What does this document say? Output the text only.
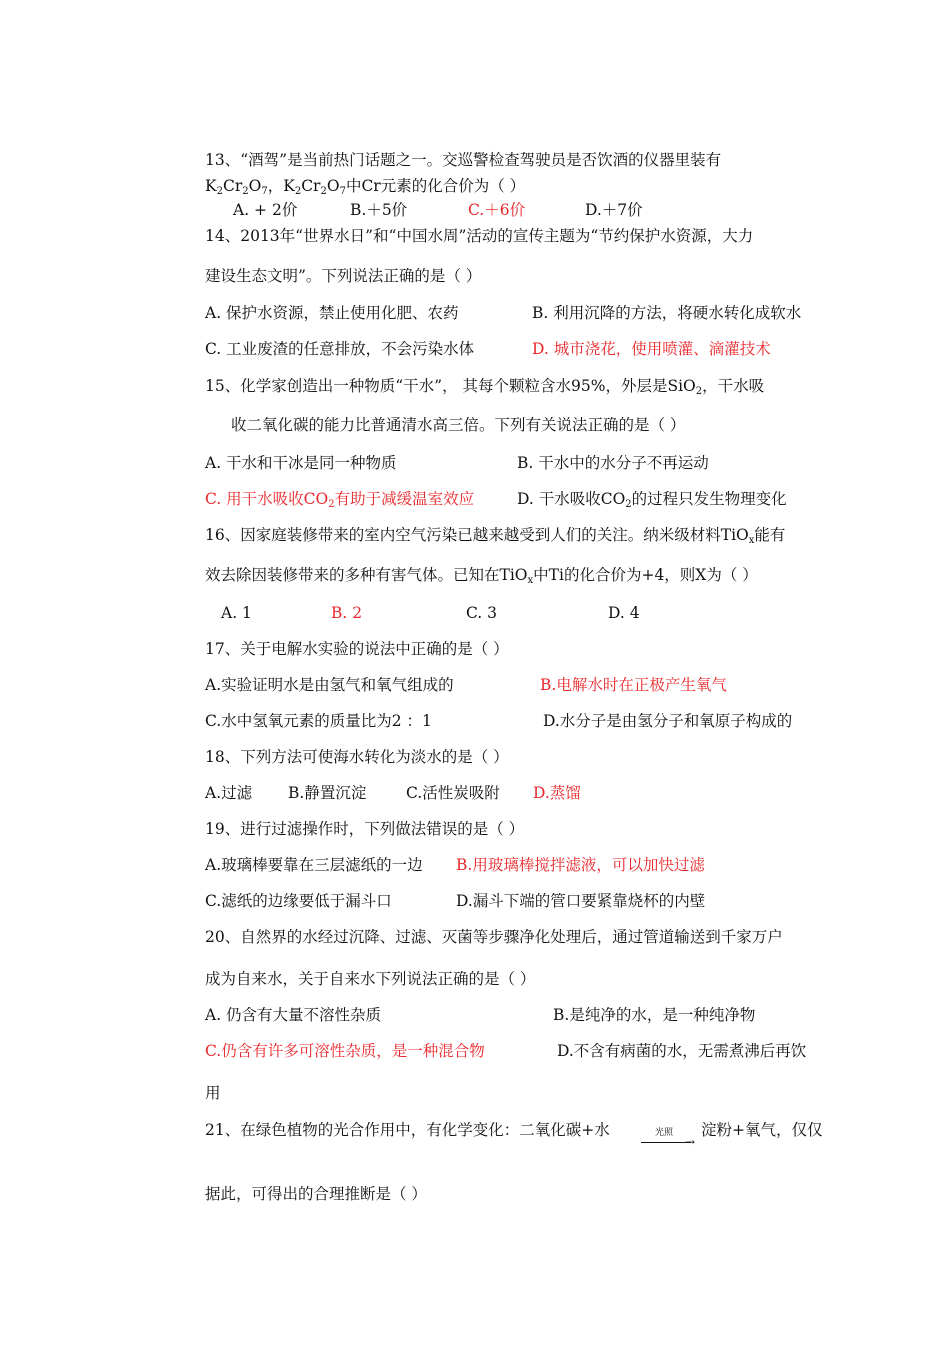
13、“酒驾”是当前热门话题之一。交巡警检查驾驶员是否饮酒的仪器里装有
$K_2Cr_2O_7$，$K_2Cr_2O_7$中Cr元素的化合价为（ ）
A. + 2价	B.＋5价	C.＋6价	D.＋7价
14、2013年“世界水日”和“中国水周”活动的宣传主题为“节约保护水资源，大力
建设生态文明”。下列说法正确的是（ ）
A. 保护水资源，禁止使用化肥、农药	B. 利用沉降的方法，将硬水转化成软水
C. 工业废渣的任意排放，不会污染水体	D. 城市浇花，使用喷灌、滴灌技术
15、化学家创造出一种物质“干水”， 其每个颗粒含水95%，外层是SiO$_2$，干水吸
收二氧化碳的能力比普通清水高三倍。下列有关说法正确的是（ ）
A. 干水和干冰是同一种物质	B. 干水中的水分子不再运动
C. 用干水吸收$CO_2$有助于减缓温室效应	D. 干水吸收$CO_2$的过程只发生物理变化
16、因家庭装修带来的室内空气污染已越来越受到人们的关注。纳米级材料TiO$_x$能有
效去除因装修带来的多种有害气体。已知在TiO$_x$中Ti的化合价为+4，则X为（ ）
A. 1	B. 2	C. 3	D. 4
17、关于电解水实验的说法中正确的是（ ）
A.实验证明水是由氢气和氧气组成的	B.电解水时在正极产生氧气
C.水中氢氧元素的质量比为2 ：1	D.水分子是由氢分子和氧原子构成的
18、下列方法可使海水转化为淡水的是（ ）
A.过滤 B.静置沉淀	C.活性炭吸附 D.蒸馏
19、进行过滤操作时，下列做法错误的是（ ）
A.玻璃棒要靠在三层滤纸的一边 B.用玻璃棒搅拌滤液，可以加快过滤
C.滤纸的边缘要低于漏斗口	D.漏斗下端的管口要紧靠烧杯的内壁
20、自然界的水经过沉降、过滤、灭菌等步骤净化处理后，通过管道输送到千家万户
成为自来水，关于自来水下列说法正确的是（ ）
A. 仍含有大量不溶性杂质	B.是纯净的水，是一种纯净物
C.仍含有许多可溶性杂质，是一种混合物	D.不含有病菌的水，无需煮沸后再饮
用
21、在绿色植物的光合作用中，有化学变化：二氧化碳+水	光照
→
淀粉+氧气，仅仅
据此，可得出的合理推断是（ ）
